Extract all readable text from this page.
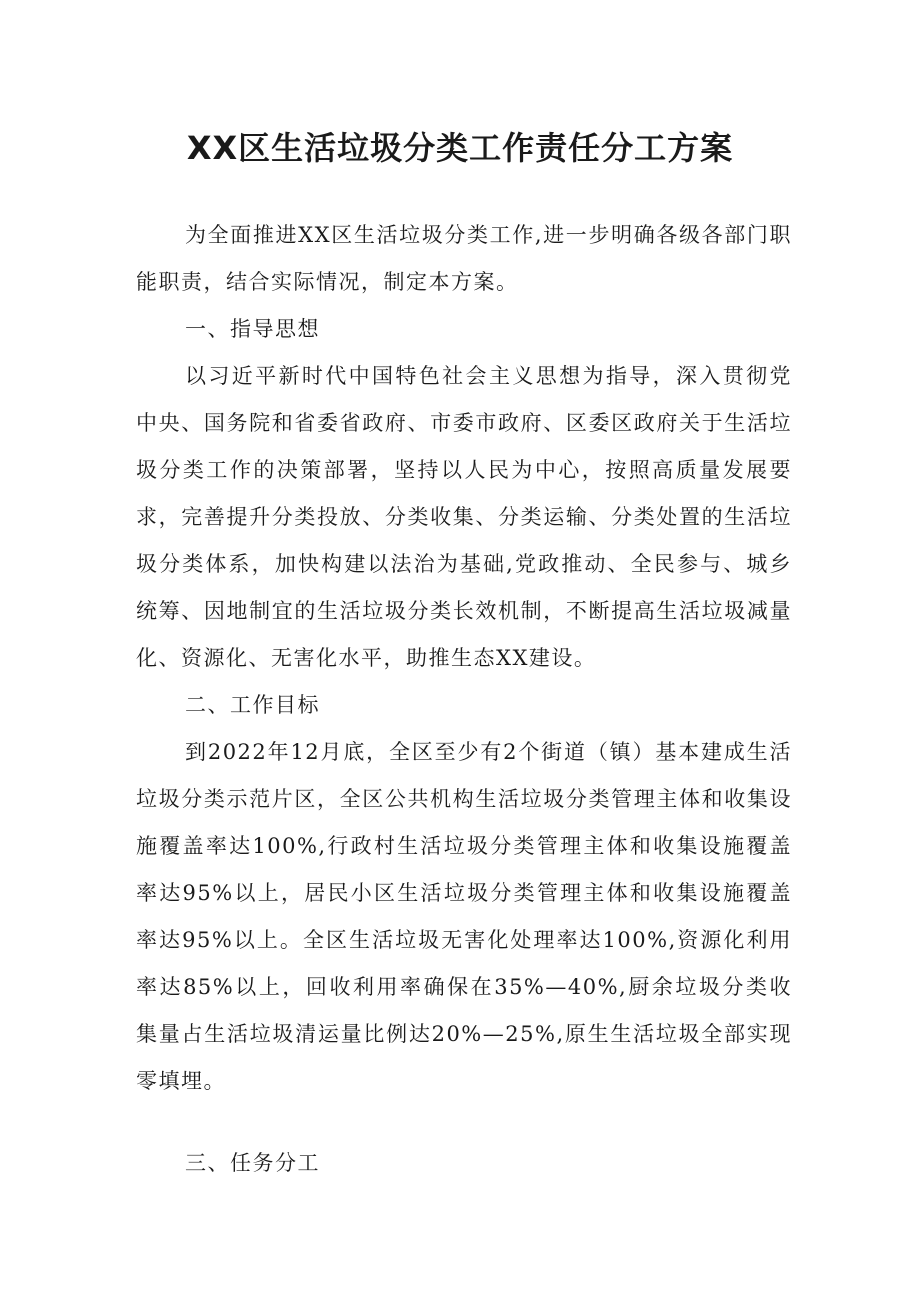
XX区生活垃圾分类工作责任分工方案

为全面推进XX区生活垃圾分类工作,进一步明确各级各部门职能职责，结合实际情况，制定本方案。

一、指导思想

以习近平新时代中国特色社会主义思想为指导，深入贯彻党中央、国务院和省委省政府、市委市政府、区委区政府关于生活垃圾分类工作的决策部署，坚持以人民为中心，按照高质量发展要求，完善提升分类投放、分类收集、分类运输、分类处置的生活垃圾分类体系，加快构建以法治为基础,党政推动、全民参与、城乡统筹、因地制宜的生活垃圾分类长效机制，不断提高生活垃圾减量化、资源化、无害化水平，助推生态XX建设。

二、工作目标

到2022年12月底，全区至少有2个街道（镇）基本建成生活垃圾分类示范片区，全区公共机构生活垃圾分类管理主体和收集设施覆盖率达100%,行政村生活垃圾分类管理主体和收集设施覆盖率达95%以上，居民小区生活垃圾分类管理主体和收集设施覆盖率达95%以上。全区生活垃圾无害化处理率达100%,资源化利用率达85%以上，回收利用率确保在35%—40%,厨余垃圾分类收集量占生活垃圾清运量比例达20%—25%,原生生活垃圾全部实现零填埋。

三、任务分工
